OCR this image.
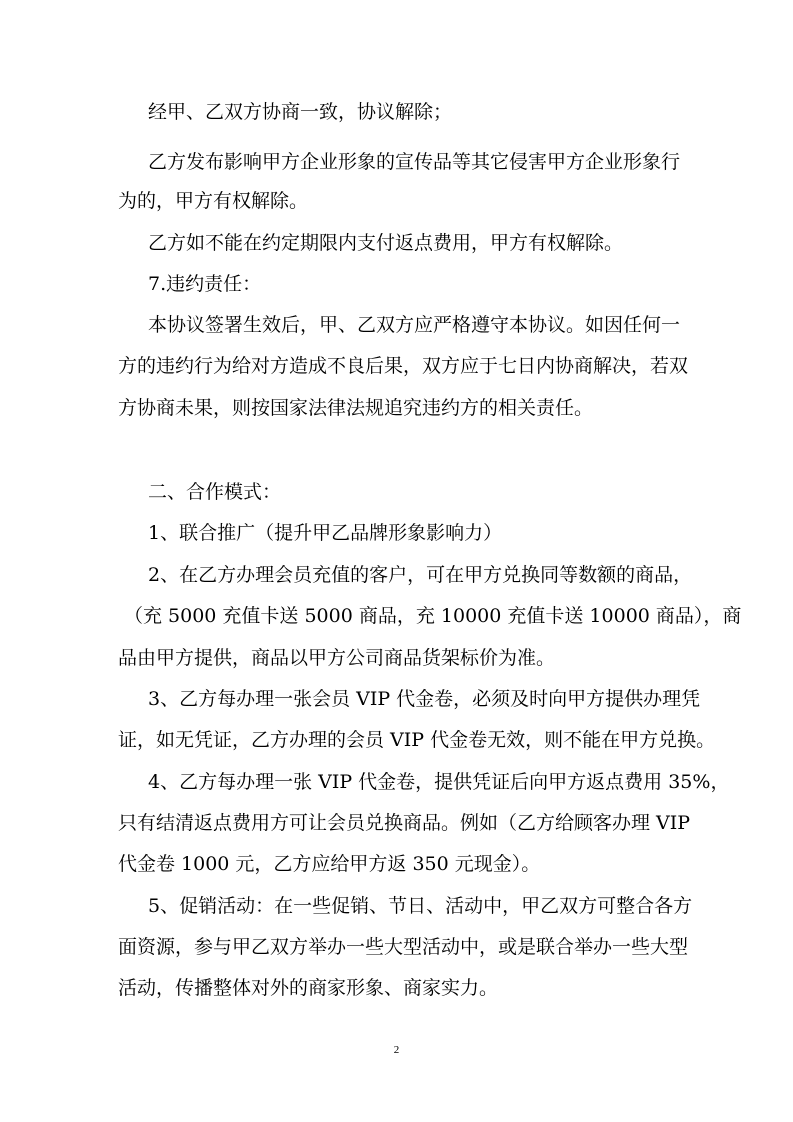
经甲、乙双方协商一致，协议解除；
乙方发布影响甲方企业形象的宣传品等其它侵害甲方企业形象行
为的，甲方有权解除。
乙方如不能在约定期限内支付返点费用，甲方有权解除。
7.违约责任：
本协议签署生效后，甲、乙双方应严格遵守本协议。如因任何一
方的违约行为给对方造成不良后果，双方应于七日内协商解决，若双
方协商未果，则按国家法律法规追究违约方的相关责任。
二、合作模式：
1、联合推广（提升甲乙品牌形象影响力）
2、在乙方办理会员充值的客户，可在甲方兑换同等数额的商品，
（充 5000 充值卡送 5000 商品，充 10000 充值卡送 10000 商品），商
品由甲方提供，商品以甲方公司商品货架标价为准。
3、乙方每办理一张会员 VIP 代金卷，必须及时向甲方提供办理凭
证，如无凭证，乙方办理的会员 VIP 代金卷无效，则不能在甲方兑换。
4、乙方每办理一张 VIP 代金卷，提供凭证后向甲方返点费用 35%，
只有结清返点费用方可让会员兑换商品。例如（乙方给顾客办理 VIP
代金卷 1000 元，乙方应给甲方返 350 元现金）。
5、促销活动：在一些促销、节日、活动中，甲乙双方可整合各方
面资源，参与甲乙双方举办一些大型活动中，或是联合举办一些大型
活动，传播整体对外的商家形象、商家实力。
2
